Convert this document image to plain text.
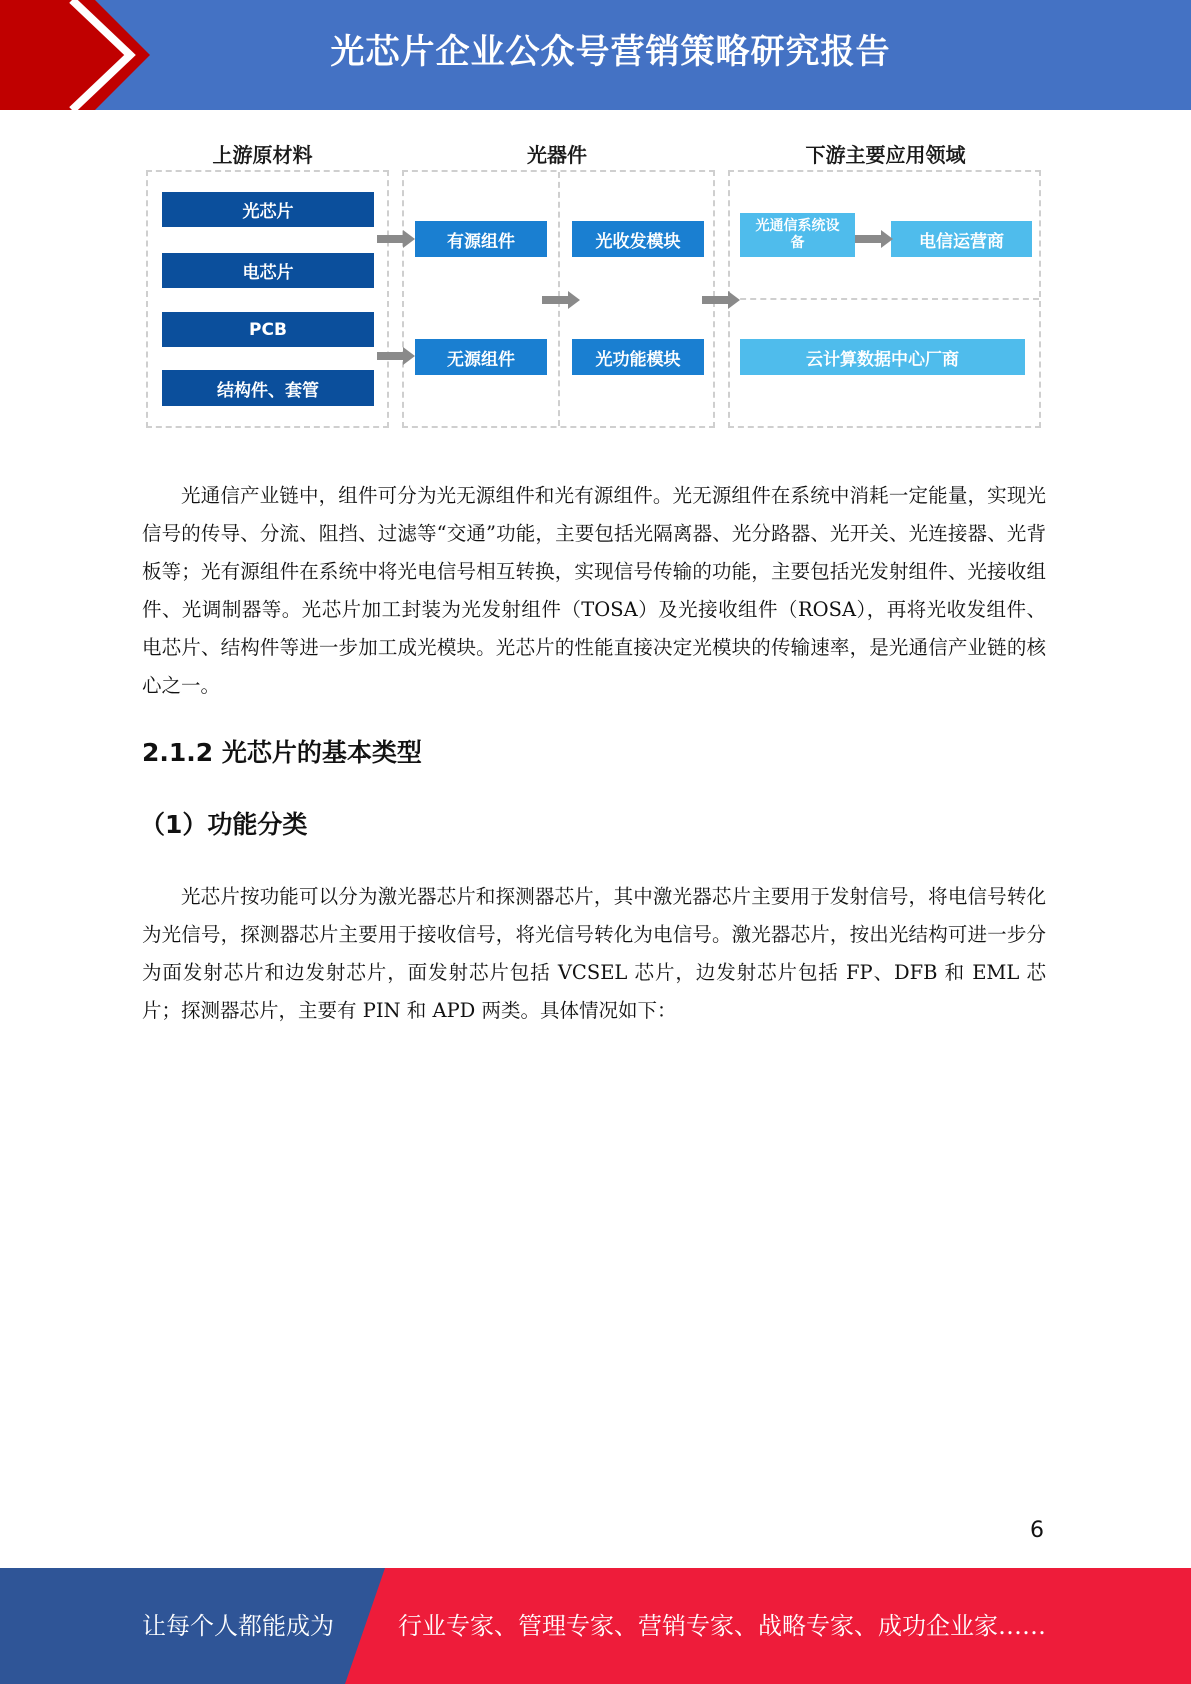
光芯片企业公众号营销策略研究报告
上游原材料	光器件	下游主要应用领域
光芯片
电芯片
PCB
结构件、套管
有源组件	光收发模块
无源组件	光功能模块
光通信系统设备	电信运营商
云计算数据中心厂商

光通信产业链中，组件可分为光无源组件和光有源组件。光无源组件在系统中消耗一定能量，实现光信号的传导、分流、阻挡、过滤等“交通”功能，主要包括光隔离器、光分路器、光开关、光连接器、光背板等；光有源组件在系统中将光电信号相互转换，实现信号传输的功能，主要包括光发射组件、光接收组件、光调制器等。光芯片加工封装为光发射组件（TOSA）及光接收组件（ROSA），再将光收发组件、电芯片、结构件等进一步加工成光模块。光芯片的性能直接决定光模块的传输速率，是光通信产业链的核心之一。

2.1.2 光芯片的基本类型
（1）功能分类

光芯片按功能可以分为激光器芯片和探测器芯片，其中激光器芯片主要用于发射信号，将电信号转化为光信号，探测器芯片主要用于接收信号，将光信号转化为电信号。激光器芯片，按出光结构可进一步分为面发射芯片和边发射芯片，面发射芯片包括 VCSEL 芯片，边发射芯片包括 FP、DFB 和 EML 芯片；探测器芯片，主要有 PIN 和 APD 两类。具体情况如下：

6
让每个人都能成为	行业专家、管理专家、营销专家、战略专家、成功企业家……
